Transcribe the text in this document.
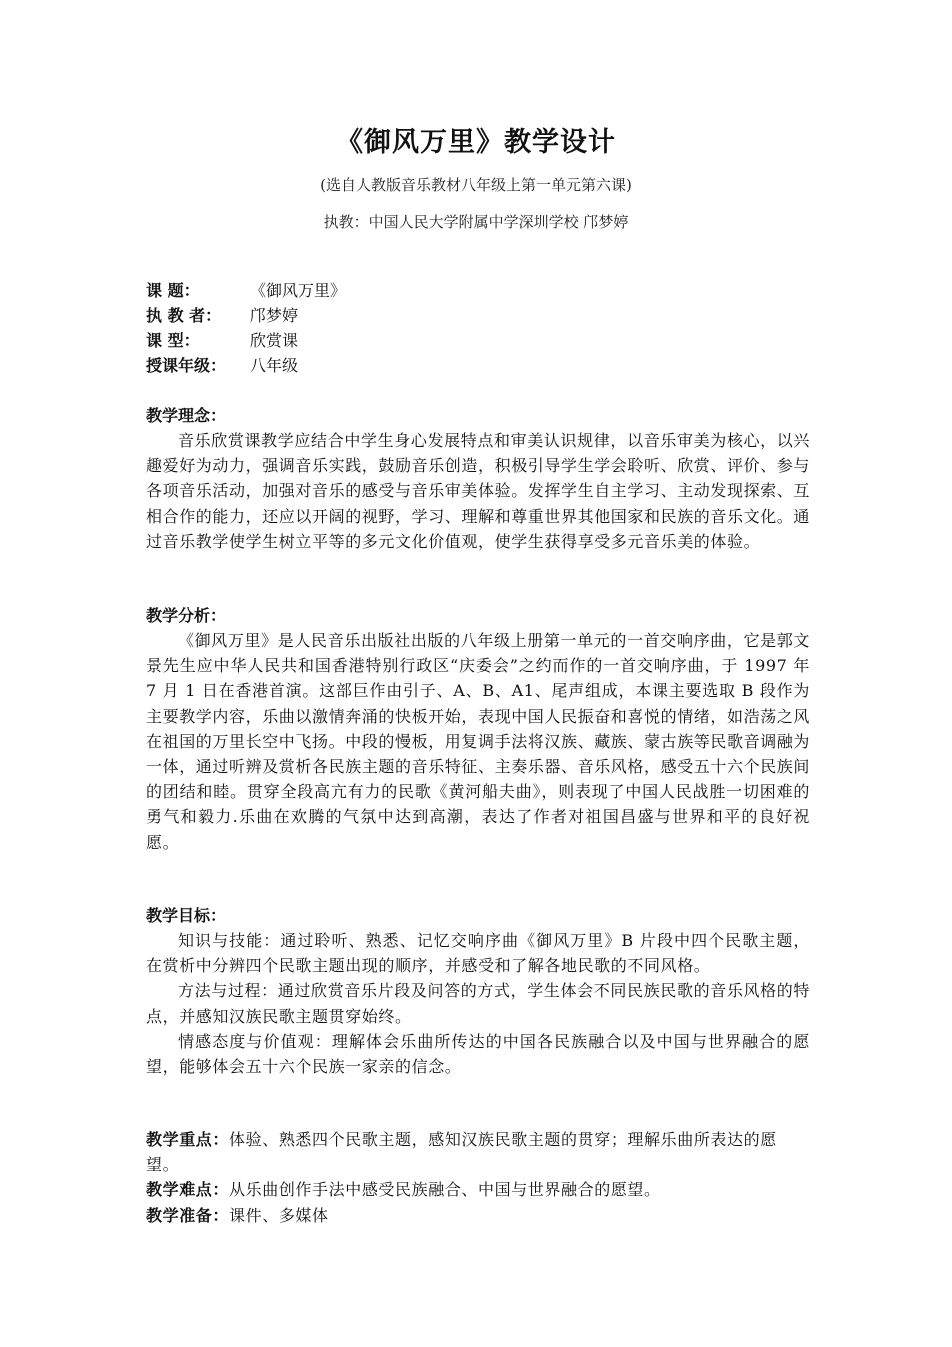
《御风万里》教学设计
(选自人教版音乐教材八年级上第一单元第六课)
执教：中国人民大学附属中学深圳学校 邝梦婷
课 题：	《御风万里》
执 教 者： 邝梦婷
课 型：	欣赏课
授课年级： 八年级
教学理念：

音乐欣赏课教学应结合中学生身心发展特点和审美认识规律，以音乐审美为核心，以兴趣爱好为动力，强调音乐实践，鼓励音乐创造，积极引导学生学会聆听、欣赏、评价、参与各项音乐活动，加强对音乐的感受与音乐审美体验。发挥学生自主学习、主动发现探索、互相合作的能力，还应以开阔的视野，学习、理解和尊重世界其他国家和民族的音乐文化。通过音乐教学使学生树立平等的多元文化价值观，使学生获得享受多元音乐美的体验。

教学分析：

《御风万里》是人民音乐出版社出版的八年级上册第一单元的一首交响序曲，它是郭文景先生应中华人民共和国香港特别行政区“庆委会”之约而作的一首交响序曲，于 1997 年 7 月 1 日在香港首演。这部巨作由引子、A、B、A1、尾声组成，本课主要选取 B 段作为主要教学内容，乐曲以激情奔涌的快板开始，表现中国人民振奋和喜悦的情绪，如浩荡之风在祖国的万里长空中飞扬。中段的慢板，用复调手法将汉族、藏族、蒙古族等民歌音调融为一体，通过听辨及赏析各民族主题的音乐特征、主奏乐器、音乐风格，感受五十六个民族间的团结和睦。贯穿全段高亢有力的民歌《黄河船夫曲》，则表现了中国人民战胜一切困难的勇气和毅力.乐曲在欢腾的气氛中达到高潮，表达了作者对祖国昌盛与世界和平的良好祝愿。

教学目标：

知识与技能：通过聆听、熟悉、记忆交响序曲《御风万里》B 片段中四个民歌主题，在赏析中分辨四个民歌主题出现的顺序，并感受和了解各地民歌的不同风格。

方法与过程：通过欣赏音乐片段及问答的方式，学生体会不同民族民歌的音乐风格的特点，并感知汉族民歌主题贯穿始终。

情感态度与价值观：理解体会乐曲所传达的中国各民族融合以及中国与世界融合的愿望，能够体会五十六个民族一家亲的信念。

教学重点：体验、熟悉四个民歌主题，感知汉族民歌主题的贯穿；理解乐曲所表达的愿望。

教学难点：从乐曲创作手法中感受民族融合、中国与世界融合的愿望。

教学准备：课件、多媒体
